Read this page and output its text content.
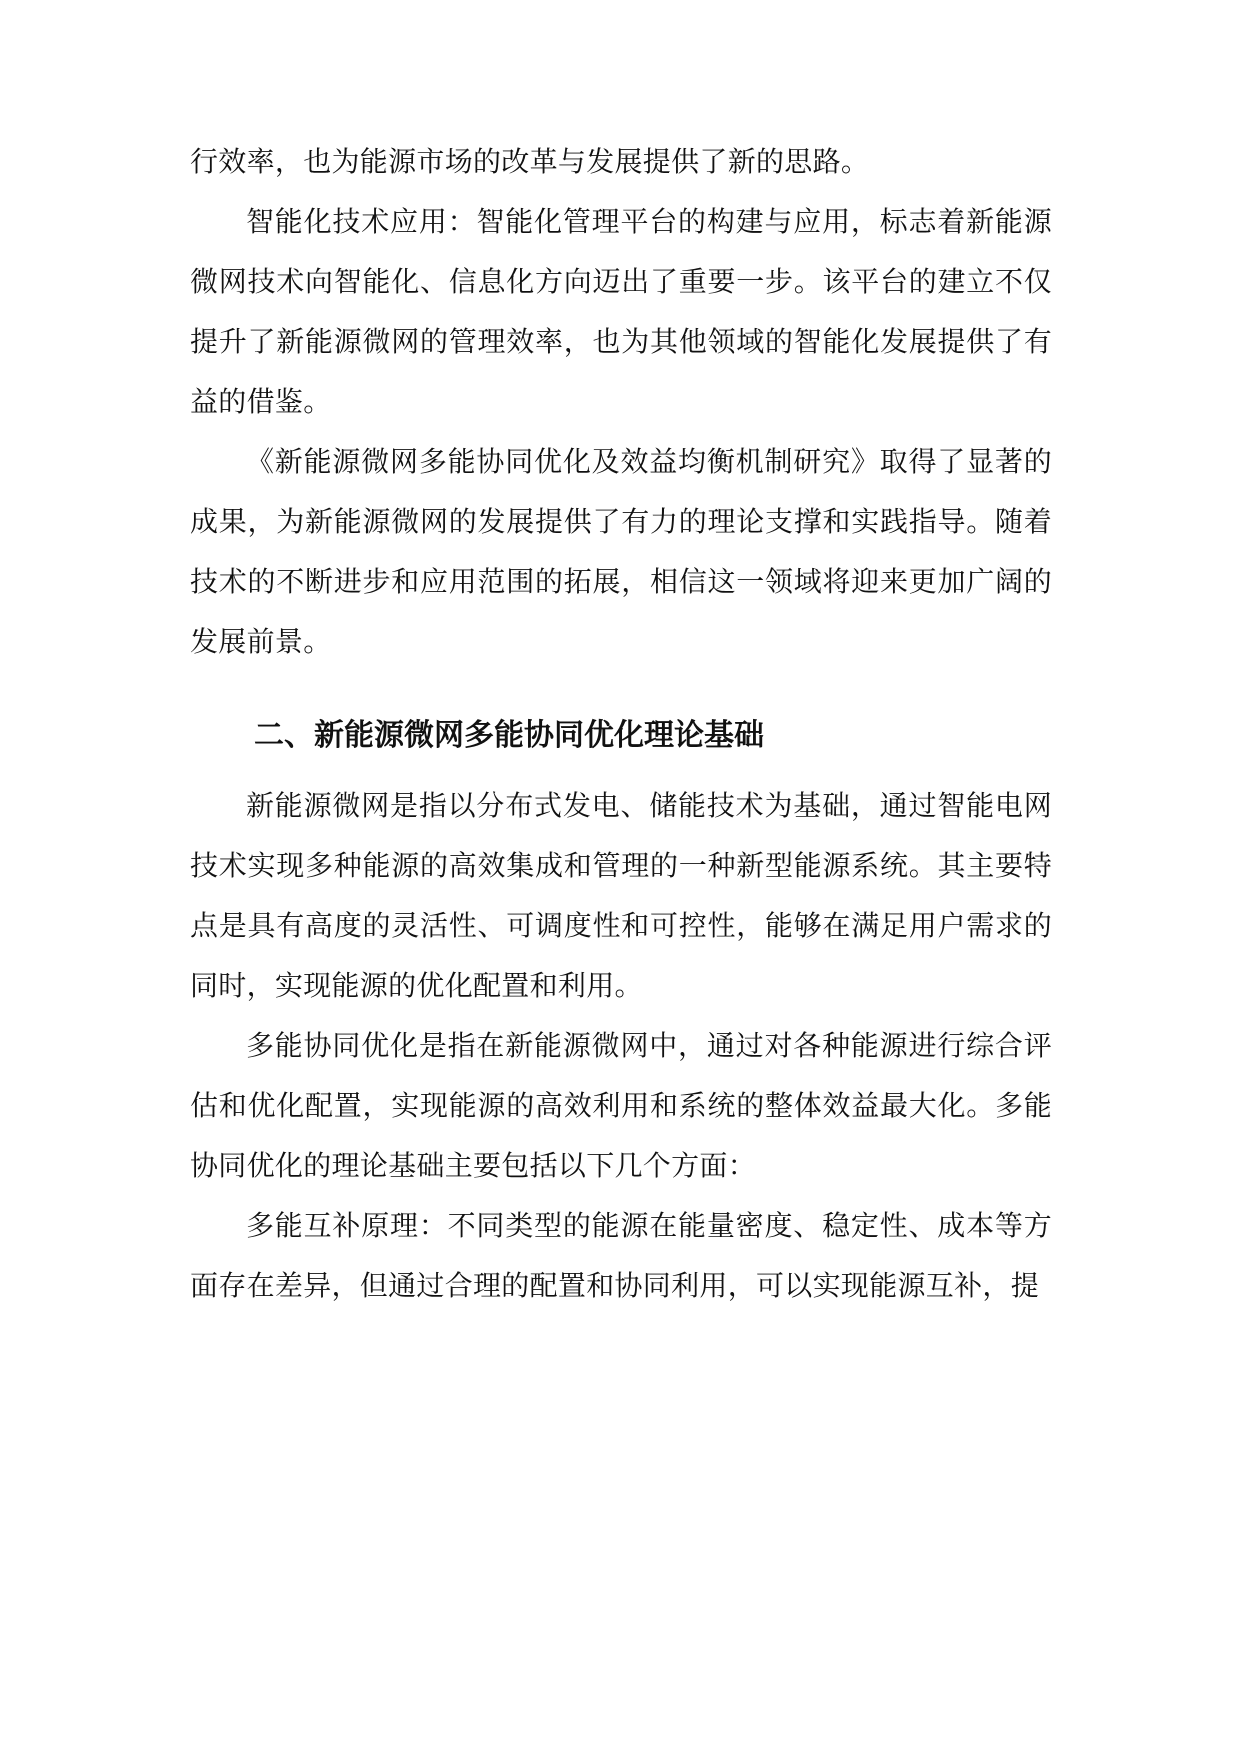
行效率，也为能源市场的改革与发展提供了新的思路。

智能化技术应用：智能化管理平台的构建与应用，标志着新能源微网技术向智能化、信息化方向迈出了重要一步。该平台的建立不仅提升了新能源微网的管理效率，也为其他领域的智能化发展提供了有益的借鉴。

《新能源微网多能协同优化及效益均衡机制研究》取得了显著的成果，为新能源微网的发展提供了有力的理论支撑和实践指导。随着技术的不断进步和应用范围的拓展，相信这一领域将迎来更加广阔的发展前景。

二、新能源微网多能协同优化理论基础

新能源微网是指以分布式发电、储能技术为基础，通过智能电网技术实现多种能源的高效集成和管理的一种新型能源系统。其主要特点是具有高度的灵活性、可调度性和可控性，能够在满足用户需求的同时，实现能源的优化配置和利用。

多能协同优化是指在新能源微网中，通过对各种能源进行综合评估和优化配置，实现能源的高效利用和系统的整体效益最大化。多能协同优化的理论基础主要包括以下几个方面：

多能互补原理：不同类型的能源在能量密度、稳定性、成本等方面存在差异，但通过合理的配置和协同利用，可以实现能源互补，提
